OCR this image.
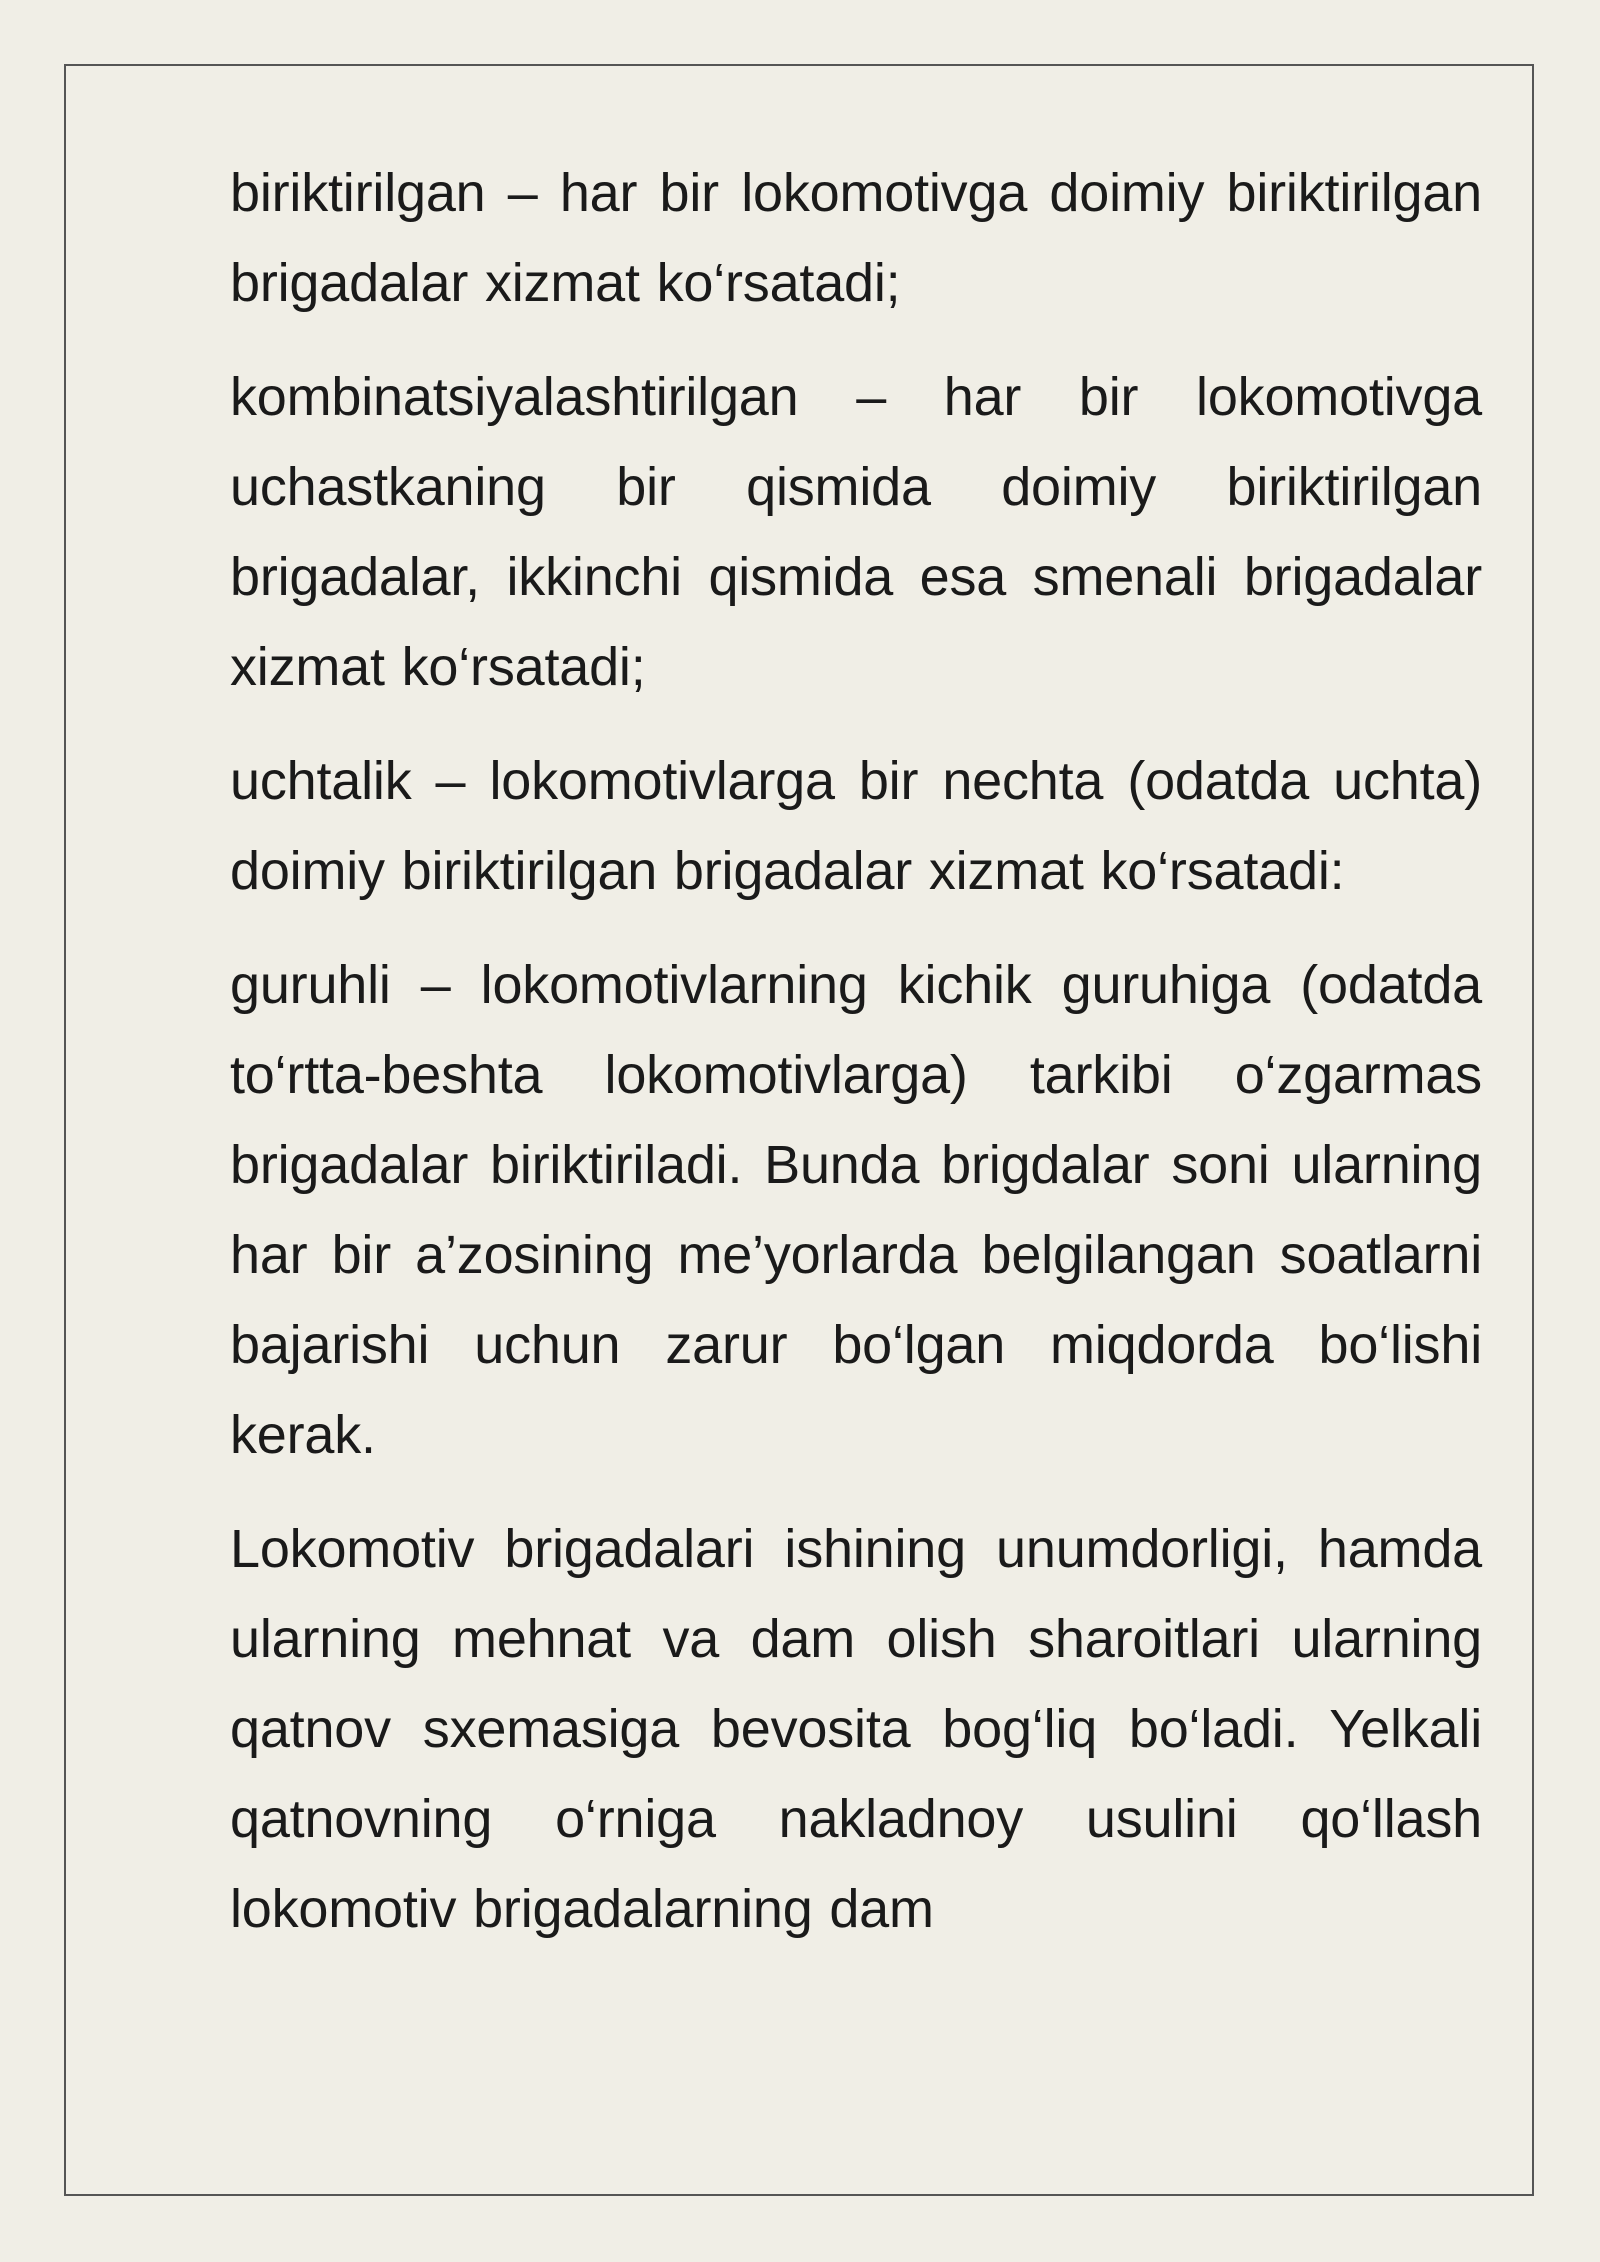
biriktirilgan – har bir lokomotivga doimiy biriktirilgan brigadalar xizmat ko‘rsatadi;

kombinatsiyalashtirilgan – har bir lokomotivga uchastkaning bir qismida doimiy biriktirilgan brigadalar, ikkinchi qismida esa smenali brigadalar xizmat ko‘rsatadi;

uchtalik – lokomotivlarga bir nechta (odatda uchta) doimiy biriktirilgan brigadalar xizmat ko‘rsatadi:

guruhli – lokomotivlarning kichik guruhiga (odatda to‘rtta-beshta lokomotivlarga) tarkibi o‘zgarmas brigadalar biriktiriladi. Bunda brigdalar soni ularning har bir a’zosining me’yorlarda belgilangan soatlarni bajarishi uchun zarur bo‘lgan miqdorda bo‘lishi kerak.

Lokomotiv brigadalari ishining unumdorligi, hamda ularning mehnat va dam olish sharoitlari ularning qatnov sxemasiga bevosita bog‘liq bo‘ladi. Yelkali qatnovning o‘rniga nakladnoy usulini qo‘llash lokomotiv brigadalarning dam
